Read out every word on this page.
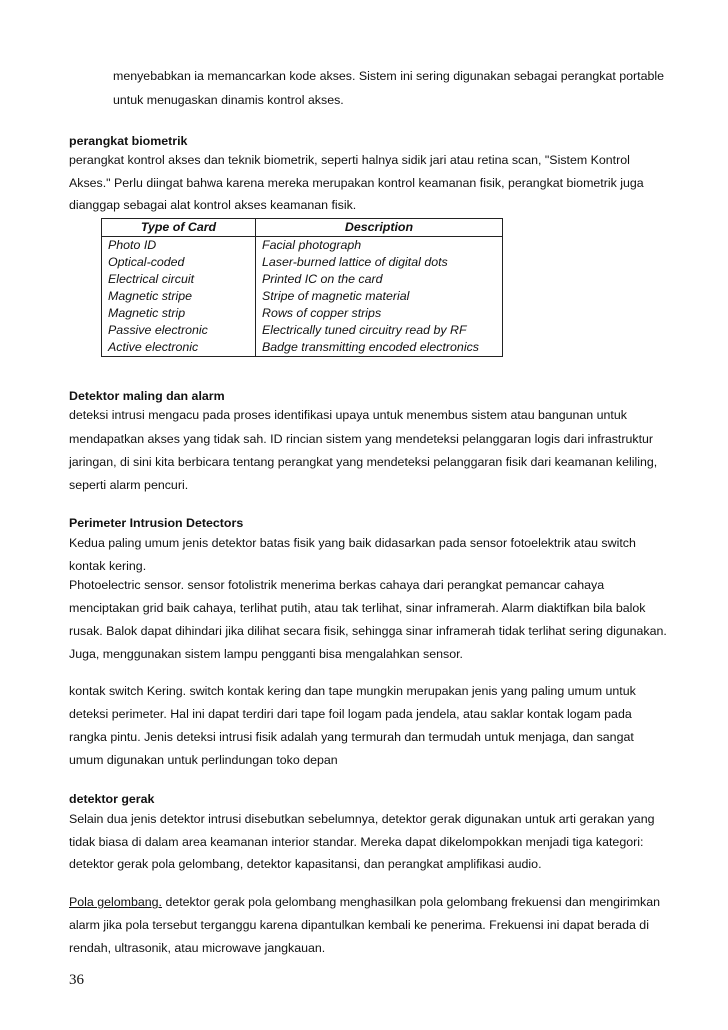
menyebabkan ia memancarkan kode akses. Sistem ini sering digunakan sebagai perangkat portable
untuk menugaskan dinamis kontrol akses.
perangkat biometrik
perangkat kontrol akses dan teknik biometrik, seperti halnya sidik jari atau retina scan, "Sistem Kontrol
Akses." Perlu diingat bahwa karena mereka merupakan kontrol keamanan fisik, perangkat biometrik juga
dianggap sebagai alat kontrol akses keamanan fisik.
Type of Card	Description
Photo ID	Facial photograph
Optical-coded	Laser-burned lattice of digital dots
Electrical circuit	Printed IC on the card
Magnetic stripe	Stripe of magnetic material
Magnetic strip	Rows of copper strips
Passive electronic	Electrically tuned circuitry read by RF
Active electronic	Badge transmitting encoded electronics
Detektor maling dan alarm
deteksi intrusi mengacu pada proses identifikasi upaya untuk menembus sistem atau bangunan untuk
mendapatkan akses yang tidak sah. ID rincian sistem yang mendeteksi pelanggaran logis dari infrastruktur
jaringan, di sini kita berbicara tentang perangkat yang mendeteksi pelanggaran fisik dari keamanan keliling,
seperti alarm pencuri.
Perimeter Intrusion Detectors
Kedua paling umum jenis detektor batas fisik yang baik didasarkan pada sensor fotoelektrik atau switch
kontak kering.
Photoelectric sensor. sensor fotolistrik menerima berkas cahaya dari perangkat pemancar cahaya
menciptakan grid baik cahaya, terlihat putih, atau tak terlihat, sinar inframerah. Alarm diaktifkan bila balok
rusak. Balok dapat dihindari jika dilihat secara fisik, sehingga sinar inframerah tidak terlihat sering digunakan.
Juga, menggunakan sistem lampu pengganti bisa mengalahkan sensor.
kontak switch Kering. switch kontak kering dan tape mungkin merupakan jenis yang paling umum untuk
deteksi perimeter. Hal ini dapat terdiri dari tape foil logam pada jendela, atau saklar kontak logam pada
rangka pintu. Jenis deteksi intrusi fisik adalah yang termurah dan termudah untuk menjaga, dan sangat
umum digunakan untuk perlindungan toko depan
detektor gerak
Selain dua jenis detektor intrusi disebutkan sebelumnya, detektor gerak digunakan untuk arti gerakan yang
tidak biasa di dalam area keamanan interior standar. Mereka dapat dikelompokkan menjadi tiga kategori:
detektor gerak pola gelombang, detektor kapasitansi, dan perangkat amplifikasi audio.
Pola gelombang. detektor gerak pola gelombang menghasilkan pola gelombang frekuensi dan mengirimkan
alarm jika pola tersebut terganggu karena dipantulkan kembali ke penerima. Frekuensi ini dapat berada di
rendah, ultrasonik, atau microwave jangkauan.
36
